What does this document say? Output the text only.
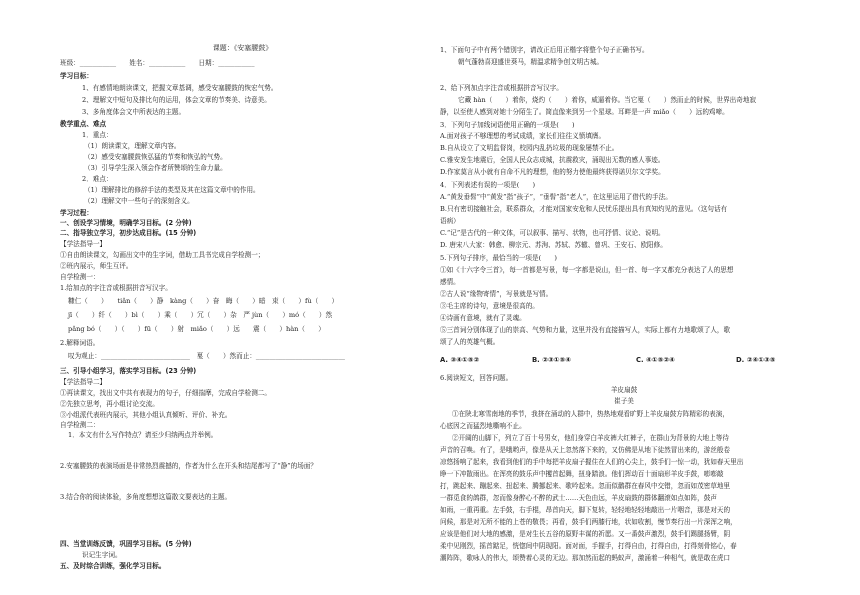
课题：《安塞腰鼓》
班级：___________　　姓名：___________　　日期：___________
学习目标：
1、有感情地朗读课文，把握文章基调，感受安塞腰鼓的恢宏气势。
2、理解文中短句及排比句的运用，体会文章的节奏美、诗意美。
3、多角度体会文中所表达的主题。
教学重点、难点
1．重点：
（1）朗读课文，理解文章内容。
（2）感受安塞腰鼓恢弘猛的节奏和恢弘的气势。
（3）引导学生深入领会作者所赞颂的生命力量。
2．难点：
（1）理解排比的修辞手法的类型及其在这篇文章中的作用。
（2）理解文中一些句子的深刻含义。
学习过程：
一、创设学习情境，明确学习目标。(2 分钟)
二、指导独立学习，初步达成目标。(15 分钟)
【学法指导一】
①自由朗读课文，勾画出文中的生字词，借助工具书完成自学检测一；
②班内展示，师生互评。
自学检测一：
1.给加点的字注音或根据拼音写汉字。
糠仁（　　）　　tiǎn（　　）静　kàng（　　）奋　晦（　　）暗　束（　　）fù（　　）
jī（　　）纤（　　）bì（　　）乘（　　）冗（　　）杂　严 jùn（　　）mó（　　）然
pǎng bó（　　）（　　）fū（　　）射　miǎo（　　）远　　震（　　）hàn（　　）
2.解释词语。
叹为观止：___________________________　戛（　　）然而止：___________________________
三、引导小组学习，落实学习目标。(23 分钟)
【学法指导二】
①再读课文，找出文中共有表现力的句子，仔细揣摩，完成自学检测二。
②先独立思考，再小组讨论交流。
③小组派代表班内展示，其他小组认真倾听、评价、补充。
自学检测二：
1．本文有什么写作特点？请至少归纳两点并举例。
2.安塞腰鼓的表演场面是非常热烈震撼的，作者为什么在开头和结尾都写了“静”的场面？
3.结合你的阅读体验，多角度想想这篇散文要表达的主题。
四、当堂训练反馈，巩固学习目标。(5 分钟)
识记生字词。
五、及时综合训练，强化学习目标。
1、下面句子中有两个错别字，请改正后用正楷字将整个句子正确书写。
朝气蓬勃喜迎盛世葵马，精温求精争创文明古城。
2、给下列加点字注音或根据拼音写汉字。
它藏 hàn（　　）着你，烧灼（　　）着你，威逼着你。当它戛（　　）然而止的时候，世界出奇地寂
静，以至使人感到对她十分陌生了。简直像来到另一个星球。耳畔是一声 miǎo（　　）远的鸡啼。
3．下列句子加线词语使用正确的一项是(　　)
A.面对孩子不够理想的考试成绩，家长们往往义愤填膺。
B.自从设立了文明监督岗，校园内乱扔垃圾的现象屡禁不止。
C.雅安发生地震后，全国人民众志成城，抗震救灾，涌现出无数的感人事迹。
D.作家莫言从小就有自命不凡的理想，他的努力使他最终获得诺贝尔文学奖。
4．下列表述有误的一项是(　　)
A.“黄发垂髫”中“黄发”指“孩子”，“垂髫”指“老人”，在这里运用了借代的手法。
B.只有密切接触社会，联系群众，才能对国家安危和人民忧乐提出具有真知灼见的意见。（这句话有
语病）
C.“记”是古代的一种文体，可以叙事、描写、状物，也可抒情、议论、说明。
D. 唐宋八大家：韩愈、柳宗元、苏洵、苏轼、苏辙、曾巩、王安石、欧阳修。
5.下列句子排序，最恰当的一项是(　　)
①如《十六字令三首》，每一首都是写景，每一字都是说山，但一首、每一字又都充分表达了人的思想
感情。
②古人说“缘物寄情”，写景就是写情。
③毛主席的诗句，意境是很高的。
④诗画有意境，就有了灵魂。
⑤三首词分别体现了山的崇高、气势和力量，这里并没有直接描写人，实际上都有力地歌颂了人，歌
颂了人的英雄气概。
A. ③④①⑤②	B. ②③①⑤④	C. ④①⑤②④	D. ②④①③⑤
6.阅读短文，回答问题。
羊皮扇鼓
崔子美
①在陕北寒雪南地的季节，我挤在涌动的人群中，热热地观看旷野上羊皮扇鼓方阵精彩的表演，
心底因之而猛烈地嘶响不止。
②开阔的山脚下，列立了百十号男女，他们身穿白羊皮裤大红裤子，在群山为背景的大地上等待
声音的召唤。有了，是哦哟声，像是从天上忽然落下来的，又仿佛是从地下徒然冒出来的，游丝般卷
凉悠扬响了起来，我看到他们的手中每把羊皮扇子握住在人们的心尖上，鼓手们一惊一动，犹如春天里出
睁一下冲散雨出。在浑亮的鼓乐声中攫首起舞，扭身踏浪。他们挥动百十面扇形羊皮手鼓，嘭嘭敲
打，跳起来、蹦起来、扭起来、腾挪起来、歌吟起来。忽而似鹳群在春风中交错，忽而如茂密草地里
一群觅食的鸽群，忽而像身醉心不醉的武士……天色由远，羊皮扇鼓的群体翻滚如点如阵，鼓声
如雨，一重再重。左手鼓，右手棍，昂首向天，脚下复转，轻轻地轻轻地敲出一片咽音，那是对天的
问候，那是对无所不能的上苍的敬畏；再看，鼓手们两膝行地，状如收割，慢节奏行出一片深浑之响，
应该是他们对大地的感激，是对生长五谷的原野丰谋的祈愿。又一番鼓声激烈，鼓手们踢腿扬臂，阴
柔中见刚烈，摇首踮足，恍惚间中阴现阳。面对面，手握手，打得自由，打得自由，打得刻骨铭心，春
潮阵阵，歌咏人的伟大，颂赞着心灵的无边。那加然而起的蚂蚁声，激涌着一种相气，就是敢在虎口
